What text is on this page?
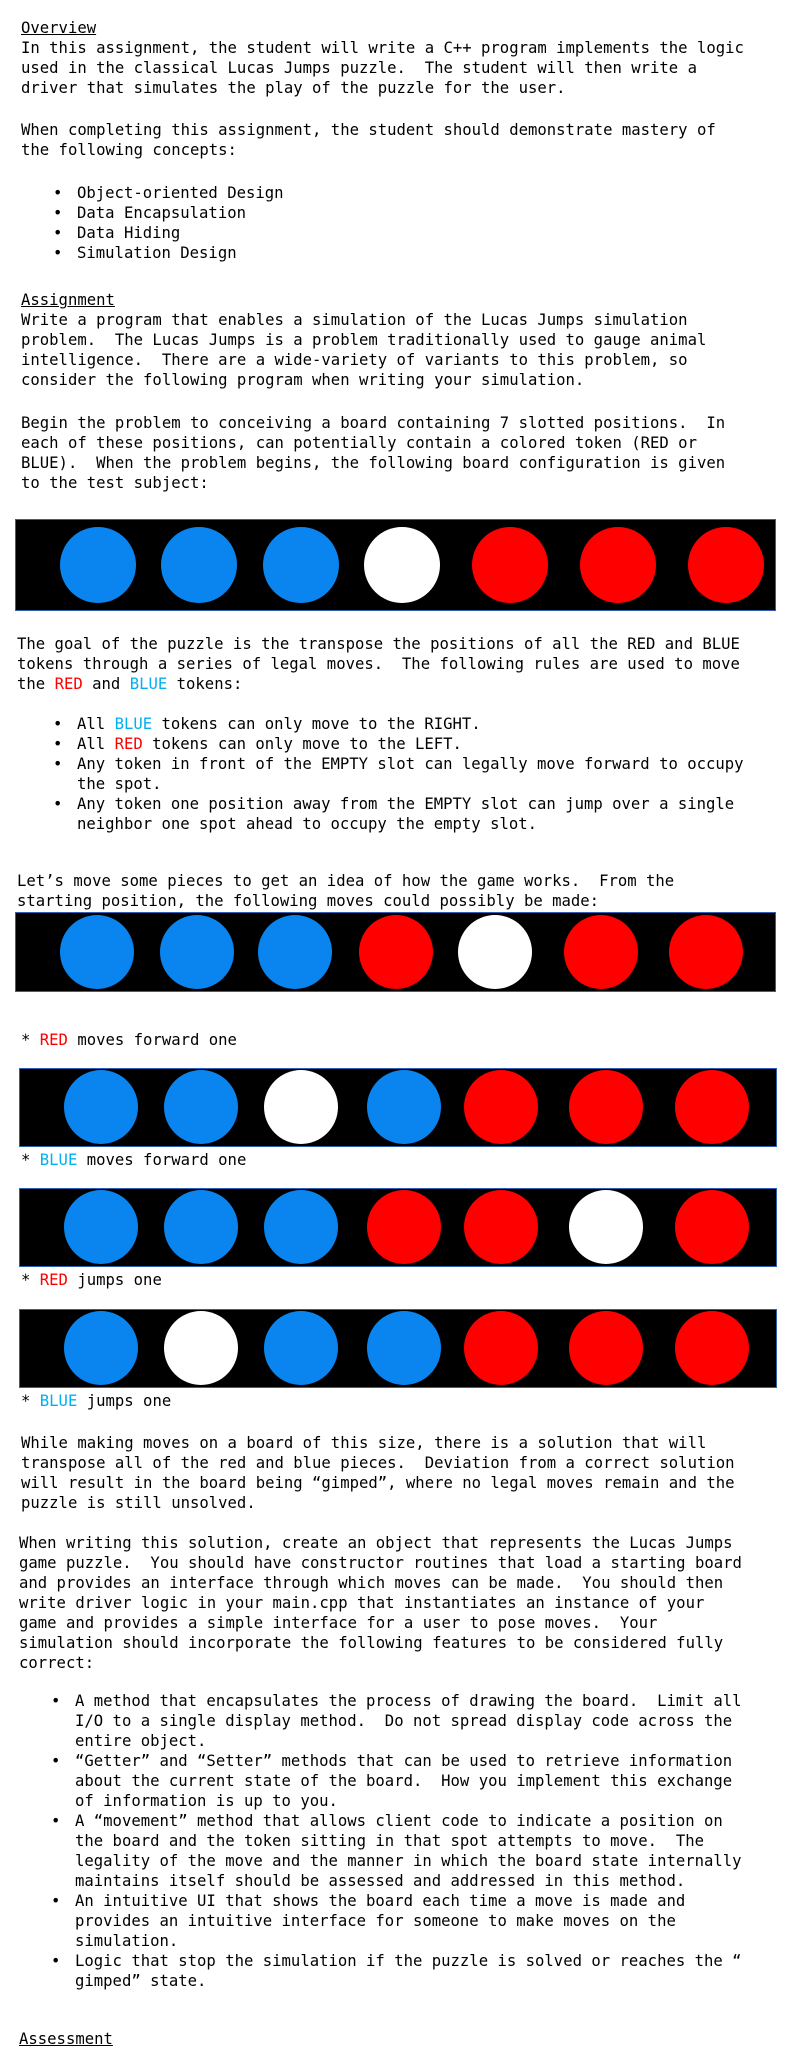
Overview
In this assignment, the student will write a C++ program implements the logic
used in the classical Lucas Jumps puzzle.  The student will then write a
driver that simulates the play of the puzzle for the user.
When completing this assignment, the student should demonstrate mastery of
the following concepts:
• Object-oriented Design
• Data Encapsulation
• Data Hiding
• Simulation Design
Assignment
Write a program that enables a simulation of the Lucas Jumps simulation
problem.  The Lucas Jumps is a problem traditionally used to gauge animal
intelligence.  There are a wide-variety of variants to this problem, so
consider the following program when writing your simulation.
Begin the problem to conceiving a board containing 7 slotted positions.  In
each of these positions, can potentially contain a colored token (RED or
BLUE).  When the problem begins, the following board configuration is given
to the test subject:
The goal of the puzzle is the transpose the positions of all the RED and BLUE
tokens through a series of legal moves.  The following rules are used to move
the RED and BLUE tokens:
• All BLUE tokens can only move to the RIGHT.
• All RED tokens can only move to the LEFT.
• Any token in front of the EMPTY slot can legally move forward to occupy
the spot.
• Any token one position away from the EMPTY slot can jump over a single
neighbor one spot ahead to occupy the empty slot.
Let’s move some pieces to get an idea of how the game works.  From the
starting position, the following moves could possibly be made:
* RED moves forward one
* BLUE moves forward one
* RED jumps one
* BLUE jumps one
While making moves on a board of this size, there is a solution that will
transpose all of the red and blue pieces.  Deviation from a correct solution
will result in the board being “gimped”, where no legal moves remain and the
puzzle is still unsolved.
When writing this solution, create an object that represents the Lucas Jumps
game puzzle.  You should have constructor routines that load a starting board
and provides an interface through which moves can be made.  You should then
write driver logic in your main.cpp that instantiates an instance of your
game and provides a simple interface for a user to pose moves.  Your
simulation should incorporate the following features to be considered fully
correct:
• A method that encapsulates the process of drawing the board.  Limit all
I/O to a single display method.  Do not spread display code across the
entire object.
• “Getter” and “Setter” methods that can be used to retrieve information
about the current state of the board.  How you implement this exchange
of information is up to you.
• A “movement” method that allows client code to indicate a position on
the board and the token sitting in that spot attempts to move.  The
legality of the move and the manner in which the board state internally
maintains itself should be assessed and addressed in this method.
• An intuitive UI that shows the board each time a move is made and
provides an intuitive interface for someone to make moves on the
simulation.
• Logic that stop the simulation if the puzzle is solved or reaches the “
gimped” state.
Assessment
